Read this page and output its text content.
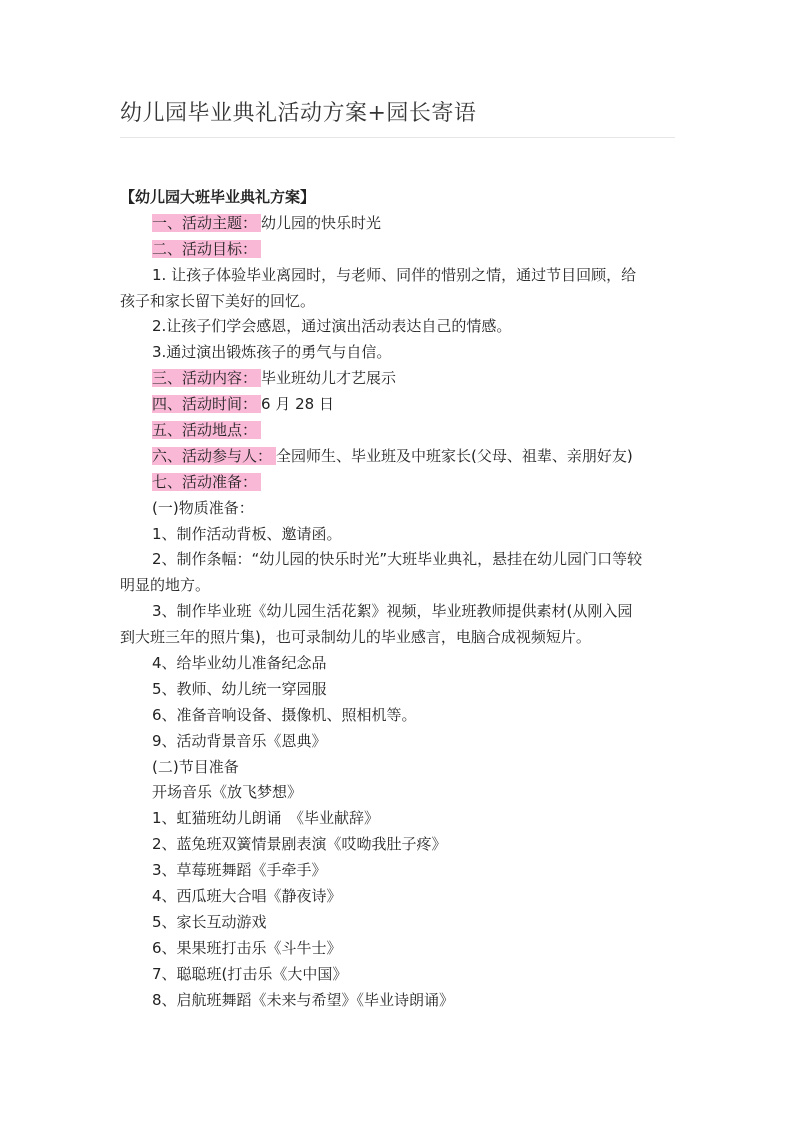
幼儿园毕业典礼活动方案+园长寄语
【幼儿园大班毕业典礼方案】
一、活动主题： 幼儿园的快乐时光
二、活动目标：
1. 让孩子体验毕业离园时，与老师、同伴的惜别之情，通过节目回顾，给
孩子和家长留下美好的回忆。
2.让孩子们学会感恩，通过演出活动表达自己的情感。
3.通过演出锻炼孩子的勇气与自信。
三、活动内容： 毕业班幼儿才艺展示
四、活动时间： 6 月 28 日
五、活动地点：
六、活动参与人： 全园师生、毕业班及中班家长(父母、祖辈、亲朋好友)
七、活动准备：
(一)物质准备：
1、制作活动背板、邀请函。
2、制作条幅：“幼儿园的快乐时光”大班毕业典礼，悬挂在幼儿园门口等较
明显的地方。
3、制作毕业班《幼儿园生活花絮》视频，毕业班教师提供素材(从刚入园
到大班三年的照片集)，也可录制幼儿的毕业感言，电脑合成视频短片。
4、给毕业幼儿准备纪念品
5、教师、幼儿统一穿园服
6、准备音响设备、摄像机、照相机等。
9、活动背景音乐《恩典》
(二)节目准备
开场音乐《放飞梦想》
1、虹猫班幼儿朗诵　《毕业献辞》
2、蓝兔班双簧情景剧表演《哎呦我肚子疼》
3、草莓班舞蹈《手牵手》
4、西瓜班大合唱《静夜诗》
5、家长互动游戏
6、果果班打击乐《斗牛士》
7、聪聪班(打击乐《大中国》
8、启航班舞蹈《未来与希望》《毕业诗朗诵》
